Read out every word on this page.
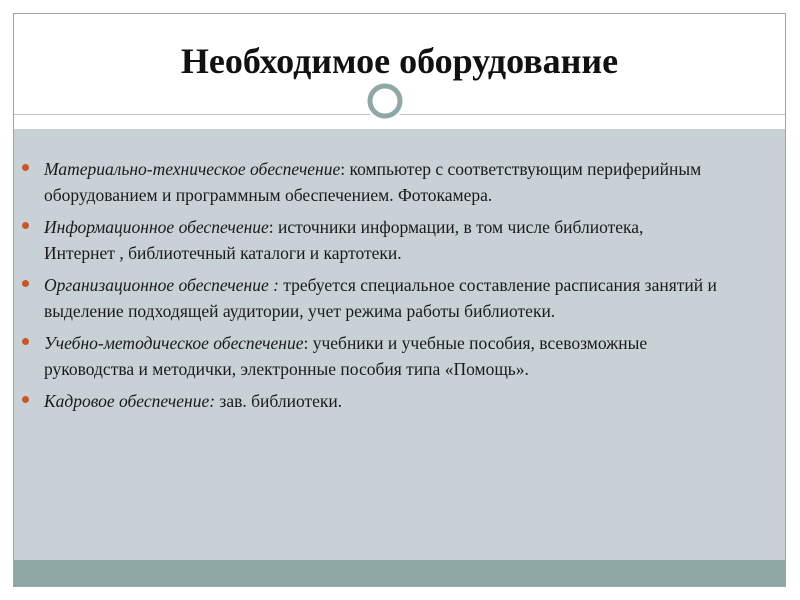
Необходимое оборудование
Материально-техническое обеспечение: компьютер с соответствующим периферийным оборудованием и программным обеспечением. Фотокамера.
Информационное обеспечение: источники информации, в том числе библиотека,   Интернет , библиотечный каталоги и картотеки.
Организационное обеспечение : требуется специальное составление расписания занятий и выделение подходящей аудитории, учет режима работы библиотеки.
Учебно-методическое обеспечение: учебники и учебные пособия, всевозможные руководства и методички, электронные пособия типа «Помощь».
Кадровое обеспечение: зав. библиотеки.
